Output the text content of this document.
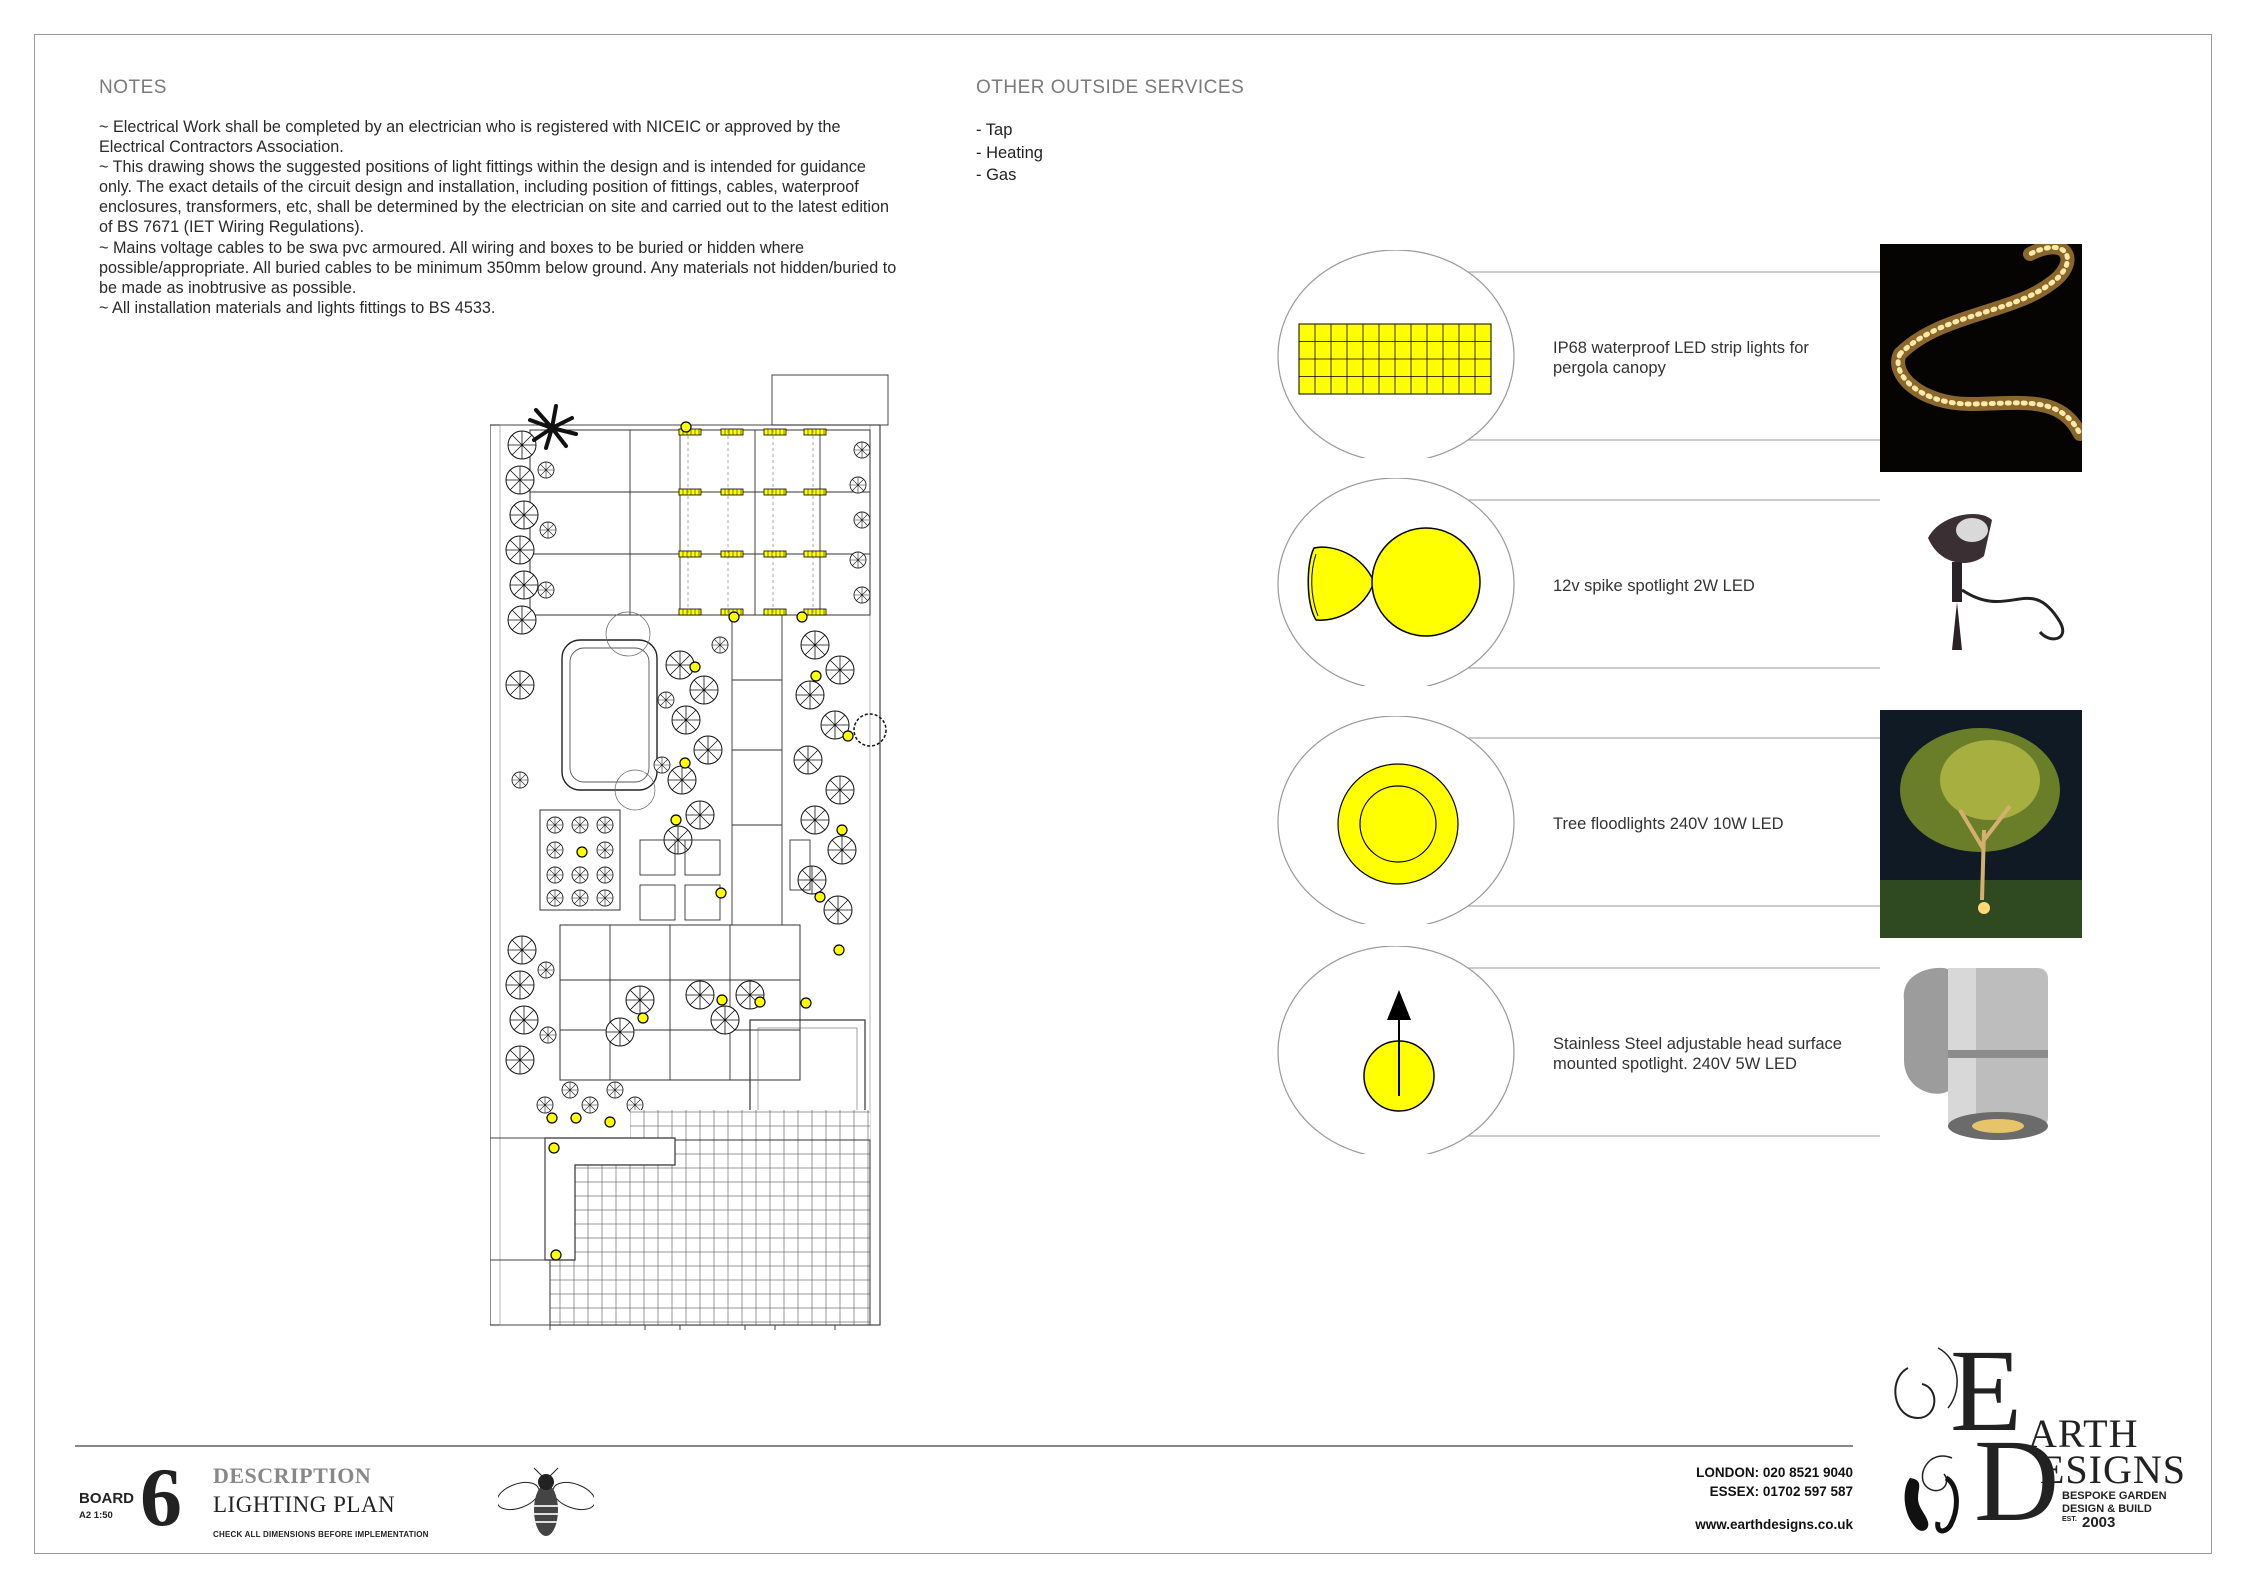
NOTES

~ Electrical Work shall be completed by an electrician who is registered with NICEIC or approved by the Electrical Contractors Association.

~ This drawing shows the suggested positions of light fittings within the design and is intended for guidance only. The exact details of the circuit design and installation, including position of fittings, cables, waterproof enclosures, transformers, etc, shall be determined by the electrician on site and carried out to the latest edition of BS 7671 (IET Wiring Regulations).

~ Mains voltage cables to be swa pvc armoured. All wiring and boxes to be buried or hidden where possible/appropriate. All buried cables to be minimum 350mm below ground. Any materials not hidden/buried to be made as inobtrusive as possible.

~ All installation materials and lights fittings to BS 4533.

OTHER OUTSIDE SERVICES
- Tap
- Heating
- Gas
IP68 waterproof LED strip lights for pergola canopy
12v spike spotlight 2W LED
Tree floodlights 240V 10W LED
Stainless Steel adjustable head surface mounted spotlight. 240V 5W LED
BOARD
A2 1:50 6 DESCRIPTION
LIGHTING PLAN
CHECK ALL DIMENSIONS BEFORE IMPLEMENTATION
LONDON: 020 8521 9040
ESSEX: 01702 597 587
www.earthdesigns.co.uk
E
D
ARTH
ESIGNS
BESPOKE GARDEN
DESIGN & BUILD
EST. 2003
